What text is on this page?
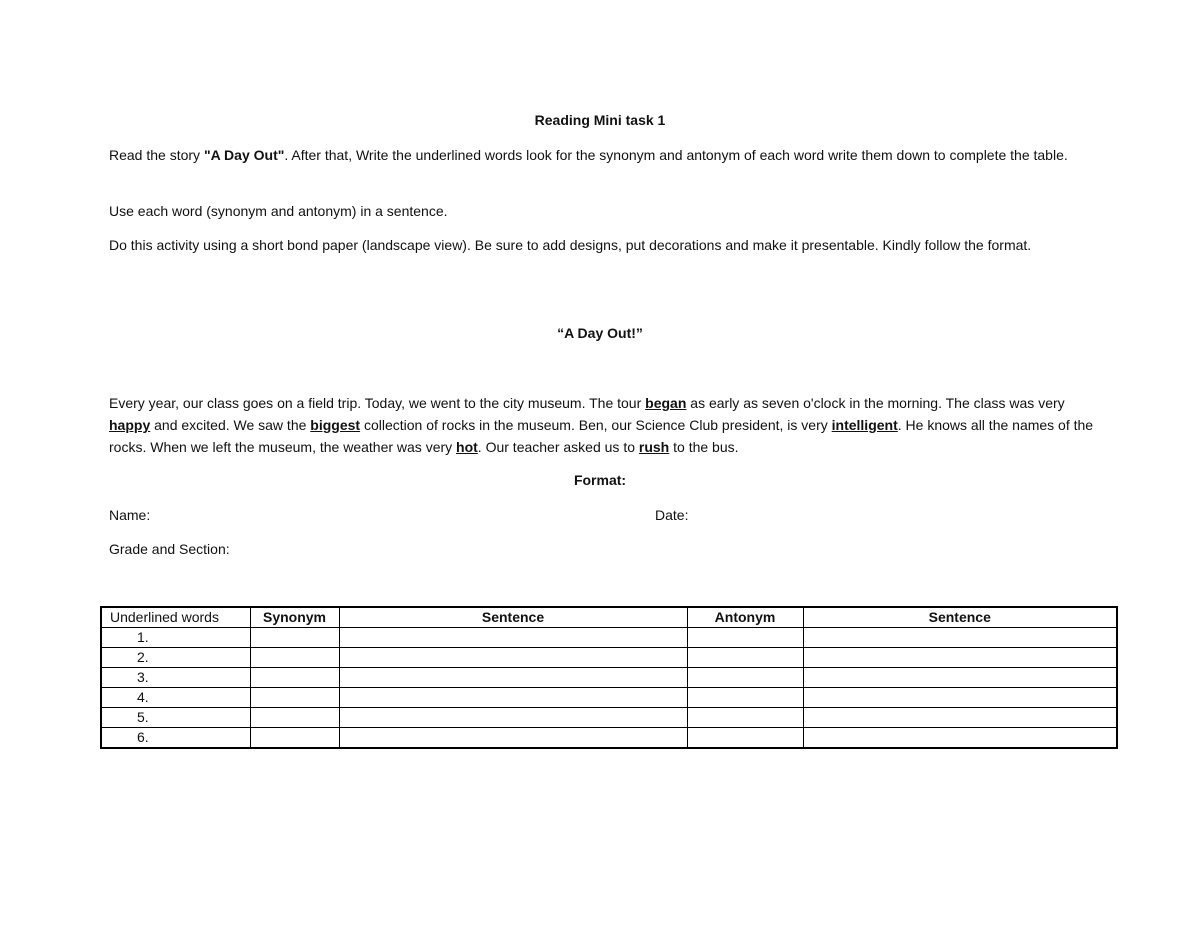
Reading Mini task 1

Read the story "A Day Out". After that, Write the underlined words look for the synonym and antonym of each word write them down to complete the table.

Use each word (synonym and antonym) in a sentence.

Do this activity using a short bond paper (landscape view). Be sure to add designs, put decorations and make it presentable. Kindly follow the format.

“A Day Out!”

Every year, our class goes on a field trip. Today, we went to the city museum. The tour began as early as seven o'clock in the morning. The class was very happy and excited. We saw the biggest collection of rocks in the museum. Ben, our Science Club president, is very intelligent. He knows all the names of the rocks. When we left the museum, the weather was very hot. Our teacher asked us to rush to the bus.

Format:
Name:	Date:
Grade and Section:
Underlined words	Synonym	Sentence	Antonym	Sentence
1.				
2.				
3.				
4.				
5.				
6.				
